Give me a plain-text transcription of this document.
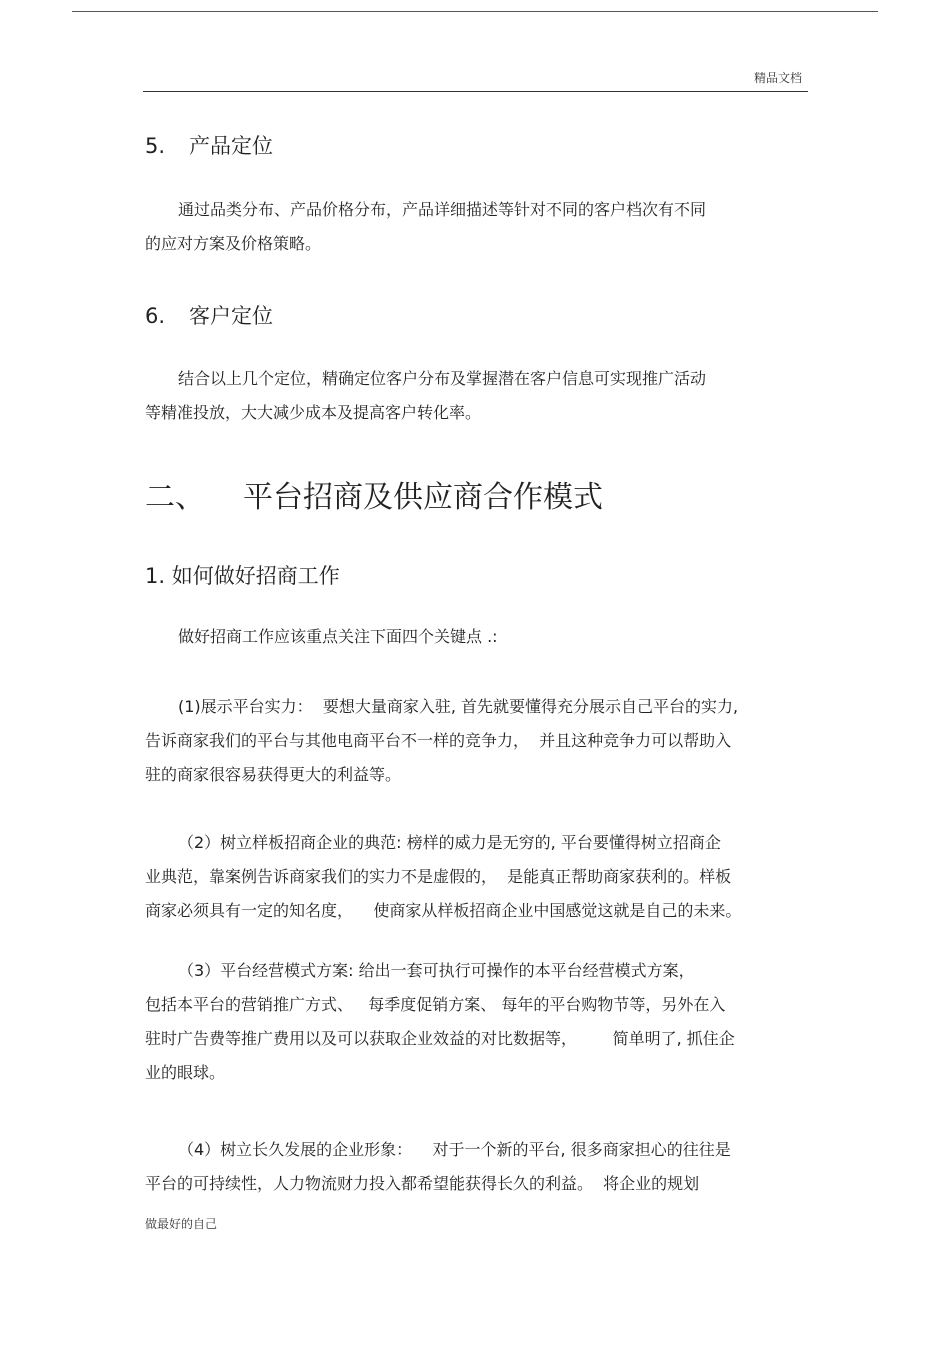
精品文档
5. 产品定位
通过品类分布、产品价格分布，产品详细描述等针对不同的客户档次有不同
的应对方案及价格策略。
6. 客户定位
结合以上几个定位，精确定位客户分布及掌握潜在客户信息可实现推广活动
等精准投放，大大减少成本及提高客户转化率。
二、 平台招商及供应商合作模式
1. 如何做好招商工作
做好招商工作应该重点关注下面四个关键点 .:
(1)展示平台实力：  要想大量商家入驻, 首先就要懂得充分展示自己平台的实力,
告诉商家我们的平台与其他电商平台不一样的竞争力，  并且这种竞争力可以帮助入
驻的商家很容易获得更大的利益等。
（2）树立样板招商企业的典范: 榜样的威力是无穷的, 平台要懂得树立招商企
业典范，靠案例告诉商家我们的实力不是虚假的，  是能真正帮助商家获利的。样板
商家必须具有一定的知名度，    使商家从样板招商企业中国感觉这就是自己的未来。
（3）平台经营模式方案: 给出一套可执行可操作的本平台经营模式方案，
包括本平台的营销推广方式、   每季度促销方案、 每年的平台购物节等，另外在入
驻时广告费等推广费用以及可以获取企业效益的对比数据等，       简单明了, 抓住企
业的眼球。
（4）树立长久发展的企业形象：    对于一个新的平台, 很多商家担心的往往是
平台的可持续性，人力物流财力投入都希望能获得长久的利益。  将企业的规划
做最好的自己
